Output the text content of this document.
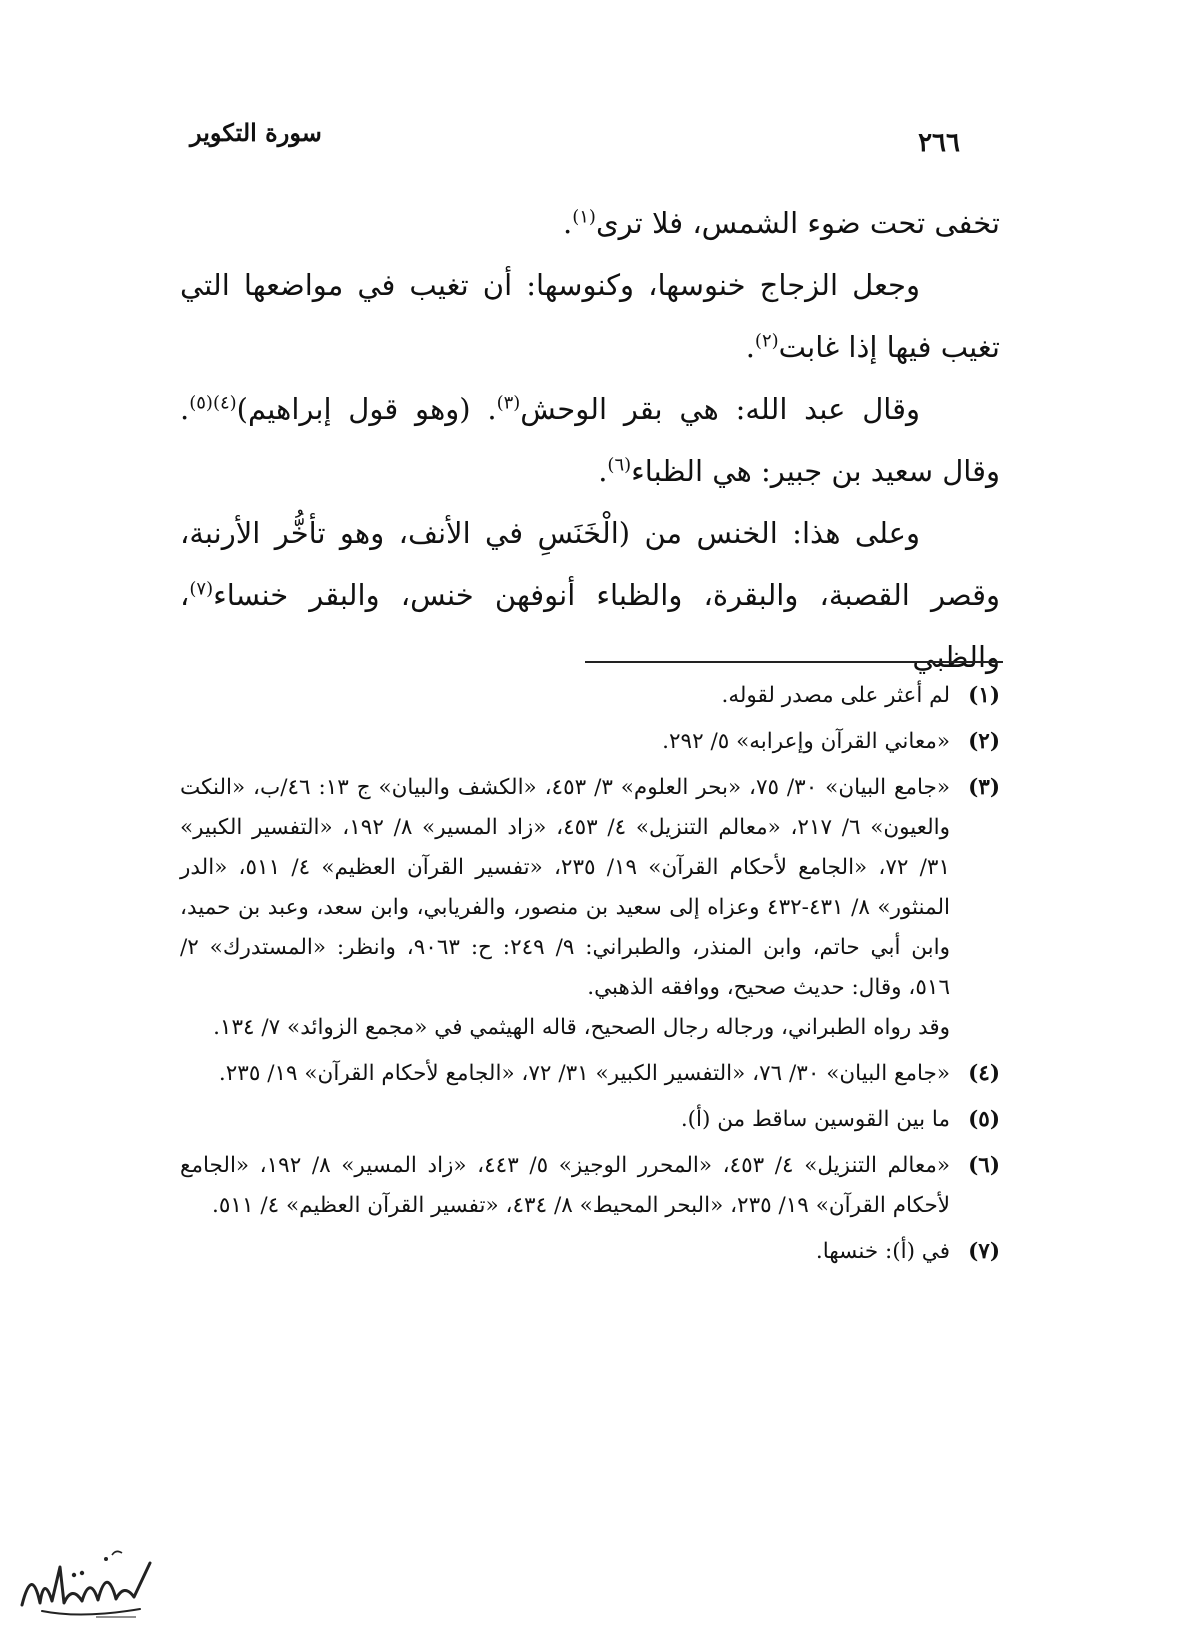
٢٦٦
سورة التكوير

تخفى تحت ضوء الشمس، فلا ترى$^{(١)}$.

وجعل الزجاج خنوسها، وكنوسها: أن تغيب في مواضعها التي تغيب فيها إذا غابت$^{(٢)}$.

وقال عبد الله: هي بقر الوحش$^{(٣)}$. (وهو قول إبراهيم)$^{(٤)(٥)}$. وقال سعيد بن جبير: هي الظباء$^{(٦)}$.

وعلى هذا: الخنس من (الْخَنَسِ في الأنف، وهو تأخُّر الأرنبة، وقصر القصبة، والبقرة، والظباء أنوفهن خنس، والبقر خنساء$^{(٧)}$، والظبي

(١)

لم أعثر على مصدر لقوله.

(٢)

«معاني القرآن وإعرابه» ٥/ ٢٩٢.

(٣)

«جامع البيان» ٣٠/ ٧٥، «بحر العلوم» ٣/ ٤٥٣، «الكشف والبيان» ج ١٣: ٤٦/ب، «النكت والعيون» ٦/ ٢١٧، «معالم التنزيل» ٤/ ٤٥٣، «زاد المسير» ٨/ ١٩٢، «التفسير الكبير» ٣١/ ٧٢، «الجامع لأحكام القرآن» ١٩/ ٢٣٥، «تفسير القرآن العظيم» ٤/ ٥١١، «الدر المنثور» ٨/ ٤٣١-٤٣٢ وعزاه إلى سعيد بن منصور، والفريابي، وابن سعد، وعبد بن حميد، وابن أبي حاتم، وابن المنذر، والطبراني: ٩/ ٢٤٩: ح: ٩٠٦٣، وانظر: «المستدرك» ٢/ ٥١٦، وقال: حديث صحيح، ووافقه الذهبي.

وقد رواه الطبراني، ورجاله رجال الصحيح، قاله الهيثمي في «مجمع الزوائد» ٧/ ١٣٤.

(٤)

«جامع البيان» ٣٠/ ٧٦، «التفسير الكبير» ٣١/ ٧٢، «الجامع لأحكام القرآن» ١٩/ ٢٣٥.

(٥)

ما بين القوسين ساقط من (أ).

(٦)

«معالم التنزيل» ٤/ ٤٥٣، «المحرر الوجيز» ٥/ ٤٤٣، «زاد المسير» ٨/ ١٩٢، «الجامع لأحكام القرآن» ١٩/ ٢٣٥، «البحر المحيط» ٨/ ٤٣٤، «تفسير القرآن العظيم» ٤/ ٥١١.

(٧)

في (أ): خنسها.
